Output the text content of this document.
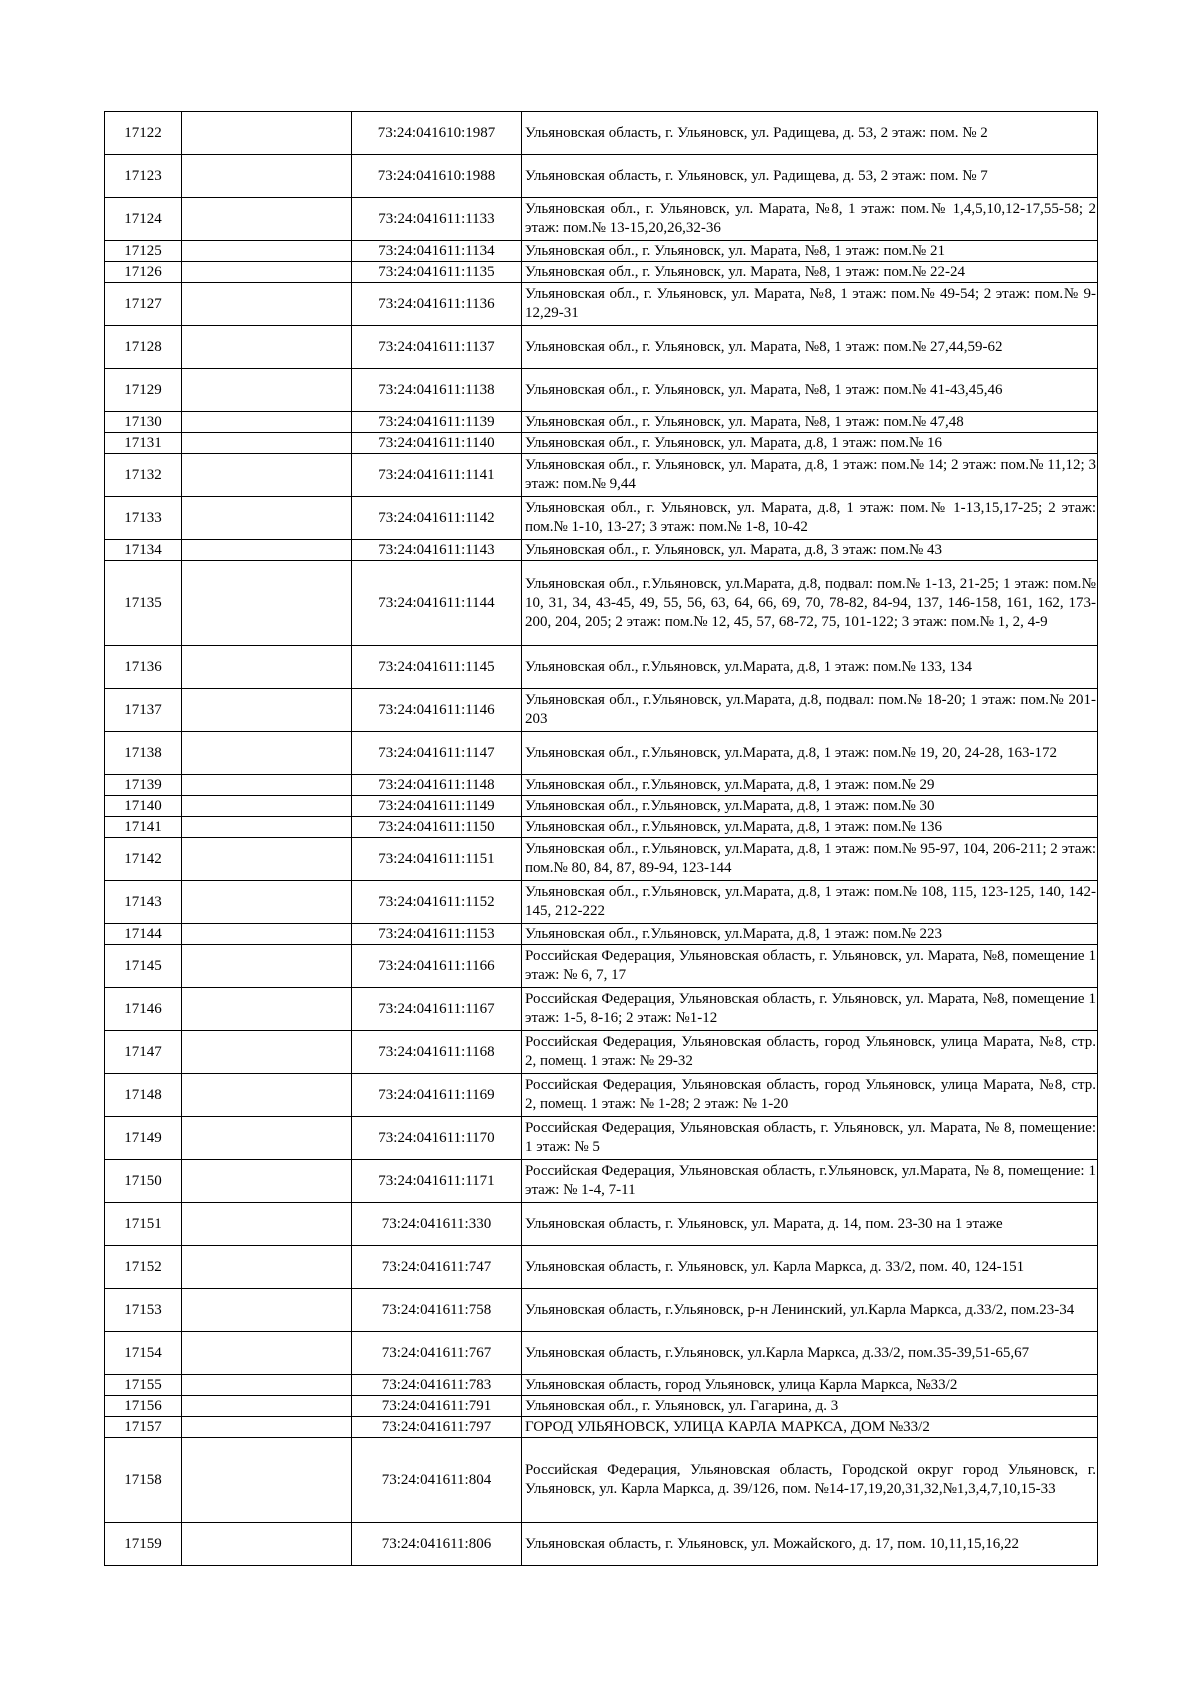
17122		73:24:041610:1987	Ульяновская область, г. Ульяновск, ул. Радищева, д. 53, 2 этаж: пом. № 2
17123		73:24:041610:1988	Ульяновская область, г. Ульяновск, ул. Радищева, д. 53, 2 этаж: пом. № 7
17124		73:24:041611:1133	Ульяновская обл., г. Ульяновск, ул. Марата, №8, 1 этаж: пом.№ 1,4,5,10,12-17,55-58; 2 этаж: пом.№ 13-15,20,26,32-36
17125		73:24:041611:1134	Ульяновская обл., г. Ульяновск, ул. Марата, №8, 1 этаж: пом.№ 21
17126		73:24:041611:1135	Ульяновская обл., г. Ульяновск, ул. Марата, №8, 1 этаж: пом.№ 22-24
17127		73:24:041611:1136	Ульяновская обл., г. Ульяновск, ул. Марата, №8, 1 этаж: пом.№ 49-54; 2 этаж: пом.№ 9-12,29-31
17128		73:24:041611:1137	Ульяновская обл., г. Ульяновск, ул. Марата, №8, 1 этаж: пом.№ 27,44,59-62
17129		73:24:041611:1138	Ульяновская обл., г. Ульяновск, ул. Марата, №8, 1 этаж: пом.№ 41-43,45,46
17130		73:24:041611:1139	Ульяновская обл., г. Ульяновск, ул. Марата, №8, 1 этаж: пом.№ 47,48
17131		73:24:041611:1140	Ульяновская обл., г. Ульяновск, ул. Марата, д.8, 1 этаж: пом.№ 16
17132		73:24:041611:1141	Ульяновская обл., г. Ульяновск, ул. Марата, д.8, 1 этаж: пом.№ 14; 2 этаж: пом.№ 11,12; 3 этаж: пом.№ 9,44
17133		73:24:041611:1142	Ульяновская обл., г. Ульяновск, ул. Марата, д.8, 1 этаж: пом.№ 1-13,15,17-25; 2 этаж: пом.№ 1-10, 13-27; 3 этаж: пом.№ 1-8, 10-42
17134		73:24:041611:1143	Ульяновская обл., г. Ульяновск, ул. Марата, д.8, 3 этаж: пом.№ 43
17135		73:24:041611:1144	Ульяновская обл., г.Ульяновск, ул.Марата, д.8, подвал: пом.№ 1-13, 21-25; 1 этаж: пом.№ 10, 31, 34, 43-45, 49, 55, 56, 63, 64, 66, 69, 70, 78-82, 84-94, 137, 146-158, 161, 162, 173-200, 204, 205; 2 этаж: пом.№ 12, 45, 57, 68-72, 75, 101-122; 3 этаж: пом.№ 1, 2, 4-9
17136		73:24:041611:1145	Ульяновская обл., г.Ульяновск, ул.Марата, д.8, 1 этаж: пом.№ 133, 134
17137		73:24:041611:1146	Ульяновская обл., г.Ульяновск, ул.Марата, д.8, подвал: пом.№ 18-20; 1 этаж: пом.№ 201-203
17138		73:24:041611:1147	Ульяновская обл., г.Ульяновск, ул.Марата, д.8, 1 этаж: пом.№ 19, 20, 24-28, 163-172
17139		73:24:041611:1148	Ульяновская обл., г.Ульяновск, ул.Марата, д.8, 1 этаж: пом.№ 29
17140		73:24:041611:1149	Ульяновская обл., г.Ульяновск, ул.Марата, д.8, 1 этаж: пом.№ 30
17141		73:24:041611:1150	Ульяновская обл., г.Ульяновск, ул.Марата, д.8, 1 этаж: пом.№ 136
17142		73:24:041611:1151	Ульяновская обл., г.Ульяновск, ул.Марата, д.8, 1 этаж: пом.№ 95-97, 104, 206-211; 2 этаж: пом.№ 80, 84, 87, 89-94, 123-144
17143		73:24:041611:1152	Ульяновская обл., г.Ульяновск, ул.Марата, д.8, 1 этаж: пом.№ 108, 115, 123-125, 140, 142-145, 212-222
17144		73:24:041611:1153	Ульяновская обл., г.Ульяновск, ул.Марата, д.8, 1 этаж: пом.№ 223
17145		73:24:041611:1166	Российская Федерация, Ульяновская область, г. Ульяновск, ул. Марата, №8, помещение 1 этаж: № 6, 7, 17
17146		73:24:041611:1167	Российская Федерация, Ульяновская область, г. Ульяновск, ул. Марата, №8, помещение 1 этаж: 1-5, 8-16; 2 этаж: №1-12
17147		73:24:041611:1168	Российская Федерация, Ульяновская область, город Ульяновск, улица Марата, №8, стр. 2, помещ. 1 этаж: № 29-32
17148		73:24:041611:1169	Российская Федерация, Ульяновская область, город Ульяновск, улица Марата, №8, стр. 2, помещ. 1 этаж: № 1-28; 2 этаж: № 1-20
17149		73:24:041611:1170	Российская Федерация, Ульяновская область, г. Ульяновск, ул. Марата, № 8, помещение: 1 этаж: № 5
17150		73:24:041611:1171	Российская Федерация, Ульяновская область, г.Ульяновск, ул.Марата, № 8, помещение: 1 этаж: № 1-4, 7-11
17151		73:24:041611:330	Ульяновская область, г. Ульяновск, ул. Марата, д. 14, пом. 23-30 на 1 этаже
17152		73:24:041611:747	Ульяновская область, г. Ульяновск, ул. Карла Маркса, д. 33/2, пом. 40, 124-151
17153		73:24:041611:758	Ульяновская область, г.Ульяновск, р-н Ленинский, ул.Карла Маркса, д.33/2, пом.23-34
17154		73:24:041611:767	Ульяновская область, г.Ульяновск, ул.Карла Маркса, д.33/2, пом.35-39,51-65,67
17155		73:24:041611:783	Ульяновская область, город Ульяновск, улица Карла Маркса, №33/2
17156		73:24:041611:791	Ульяновская обл., г. Ульяновск, ул. Гагарина, д. 3
17157		73:24:041611:797	ГОРОД УЛЬЯНОВСК, УЛИЦА КАРЛА МАРКСА, ДОМ №33/2
17158		73:24:041611:804	Российская Федерация, Ульяновская область, Городской округ город Ульяновск, г. Ульяновск, ул. Карла Маркса, д. 39/126, пом. №14-17,19,20,31,32,№1,3,4,7,10,15-33
17159		73:24:041611:806	Ульяновская область, г. Ульяновск, ул. Можайского, д. 17, пом. 10,11,15,16,22
